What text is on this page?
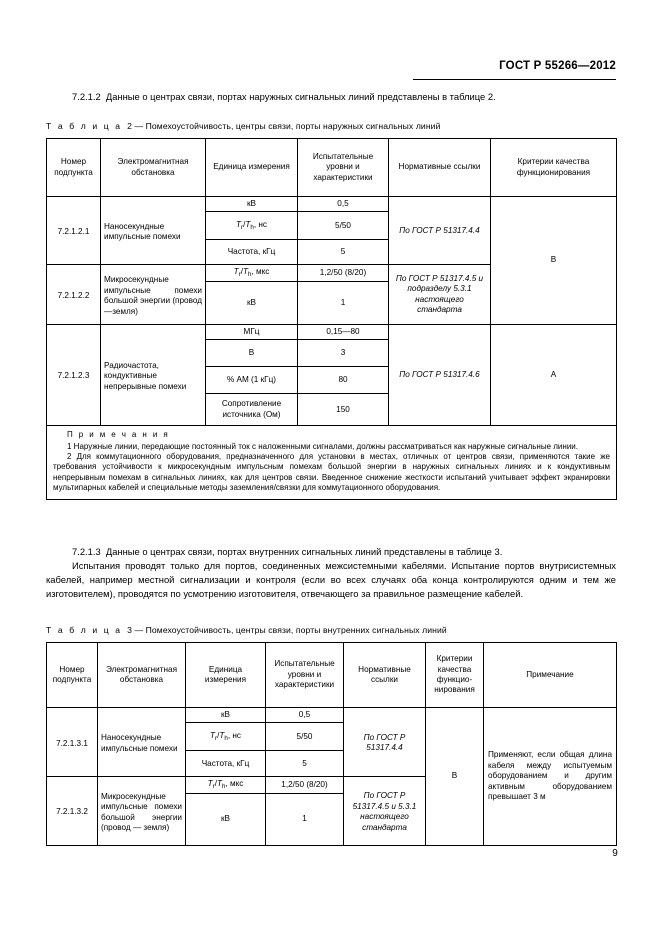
ГОСТ Р 55266—2012
7.2.1.2 Данные о центрах связи, портах наружных сигнальных линий представлены в таблице 2.
Т а б л и ц а 2 — Помехоустойчивость, центры связи, порты наружных сигнальных линий
Номер подпункта	Электромагнитная обстановка	Единица измерения	Испытательные уровни и характеристики	Нормативные ссылки	Критерии качества функционирования
7.2.1.2.1	Наносекундные импульсные помехи	кВ	0,5	По ГОСТ Р 51317.4.4	B
		$T_r/T_h$, нс	5/50		
		Частота, кГц	5		
7.2.1.2.2	Микросекундные импульсные помехи большой энергии (провод—земля)	$T_r/T_h$, мкс	1,2/50 (8/20)	По ГОСТ Р 51317.4.5 и подразделу 5.3.1 настоящего стандарта	
		кВ	1		
7.2.1.2.3	Радиочастота, кондуктивные непрерывные помехи	МГц	0,15—80	По ГОСТ Р 51317.4.6	A
		В	3		
		% АМ (1 кГц)	80		
		Сопротивление источника (Ом)	150		

П р и м е ч а н и я

1 Наружные линии, передающие постоянный ток с наложенными сигналами, должны рассматриваться как наружные сигнальные линии.

2 Для коммутационного оборудования, предназначенного для установки в местах, отличных от центров связи, применяются такие же требования устойчивости к микросекундным импульсным помехам большой энергии в наружных сигнальных линиях и к кондуктивным непрерывным помехам в сигнальных линиях, как для центров связи. Введенное снижение жесткости испытаний учитывает эффект экранировки мультипарных кабелей и специальные методы заземления/связки для коммутационного оборудования.					

7.2.1.3 Данные о центрах связи, портах внутренних сигнальных линий представлены в таблице 3.
Испытания проводят только для портов, соединенных межсистемными кабелями. Испытание портов внутрисистемных кабелей, например местной сигнализации и контроля (если во всех случаях оба конца контролируются одним и тем же изготовителем), проводятся по усмотрению изготовителя, отвечающего за правильное размещение кабелей.
Т а б л и ц а 3 — Помехоустойчивость, центры связи, порты внутренних сигнальных линий
Номер подпункта	Электромагнитная обстановка	Единица измерения	Испытательные уровни и характеристики	Нормативные ссылки	Критерии качества функцио-нирования	Примечание
7.2.1.3.1	Наносекундные импульсные помехи	кВ	0,5	По ГОСТ Р 51317.4.4	B	Применяют, если общая длина кабеля между испытуемым оборудованием и другим активным оборудованием превышает 3 м
		$T_r/T_h$, нс	5/50			
		Частота, кГц	5			
7.2.1.3.2	Микросекундные импульсные помехи большой энергии (провод — земля)	$T_r/T_h$, мкс	1,2/50 (8/20)	По ГОСТ Р 51317.4.5 и 5.3.1 настоящего стандарта		
		кВ	1			
9
